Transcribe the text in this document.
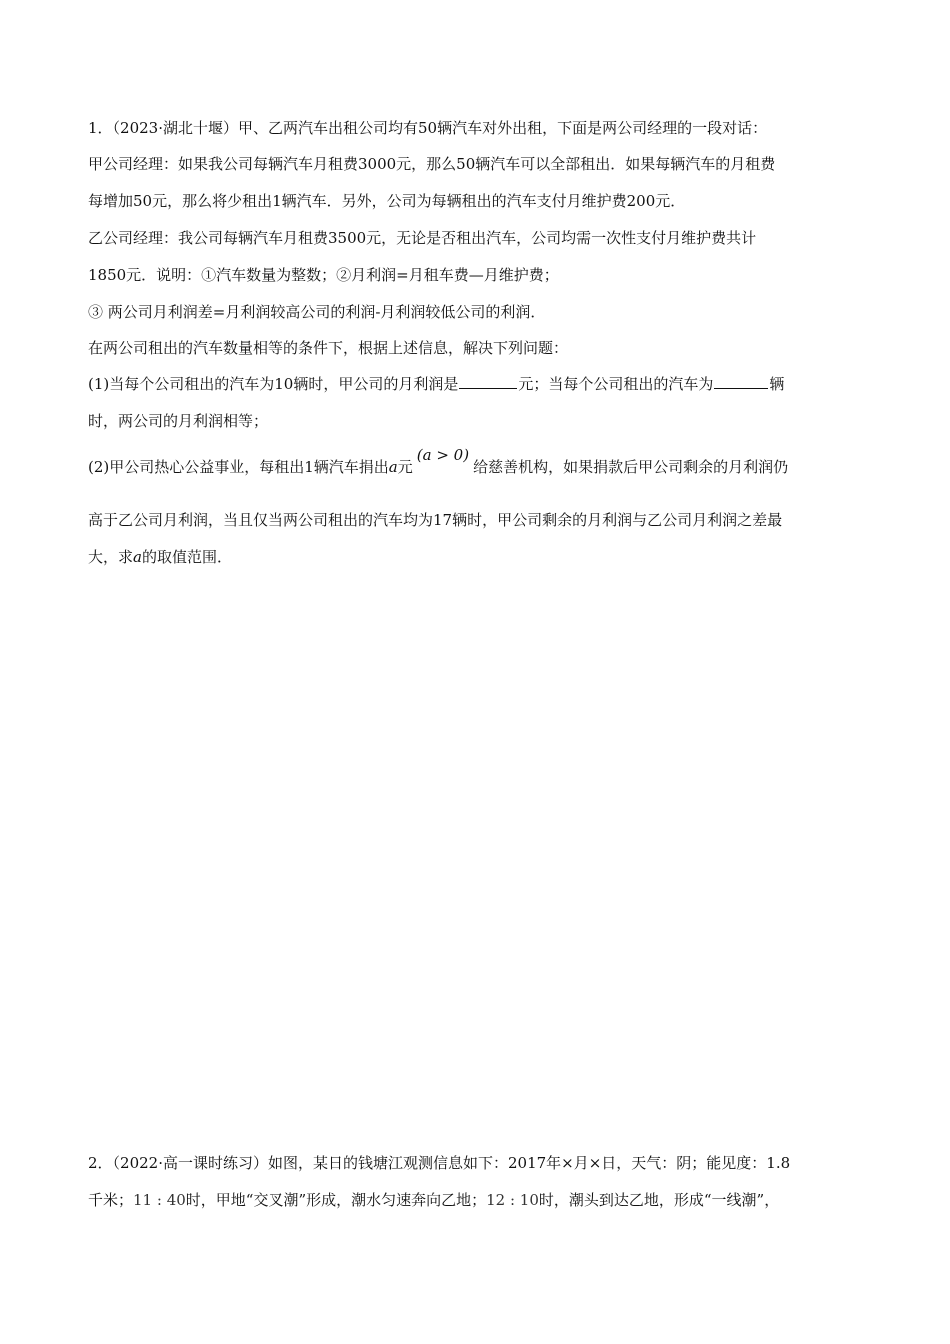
1．（2023·湖北十堰）甲、乙两汽车出租公司均有50辆汽车对外出租，下面是两公司经理的一段对话：
甲公司经理：如果我公司每辆汽车月租费3000元，那么50辆汽车可以全部租出．如果每辆汽车的月租费
每增加50元，那么将少租出1辆汽车．另外，公司为每辆租出的汽车支付月维护费200元．
乙公司经理：我公司每辆汽车月租费3500元，无论是否租出汽车，公司均需一次性支付月维护费共计
1850元．说明：①汽车数量为整数；②月利润=月租车费—月维护费；
③ 两公司月利润差=月利润较高公司的利润-月利润较低公司的利润．
在两公司租出的汽车数量相等的条件下，根据上述信息，解决下列问题：
(1)当每个公司租出的汽车为10辆时，甲公司的月利润是	元；当每个公司租出的汽车为	辆
时，两公司的月利润相等；
(2)甲公司热心公益事业，每租出1辆汽车捐出a元(a > 0)给慈善机构，如果捐款后甲公司剩余的月利润仍
高于乙公司月利润，当且仅当两公司租出的汽车均为17辆时，甲公司剩余的月利润与乙公司月利润之差最
大，求a的取值范围．
2．（2022·高一课时练习）如图，某日的钱塘江观测信息如下：2017年×月×日，天气：阴；能见度：1.8
千米；11 : 40时，甲地“交叉潮”形成，潮水匀速奔向乙地；12 : 10时，潮头到达乙地，形成“一线潮”，
